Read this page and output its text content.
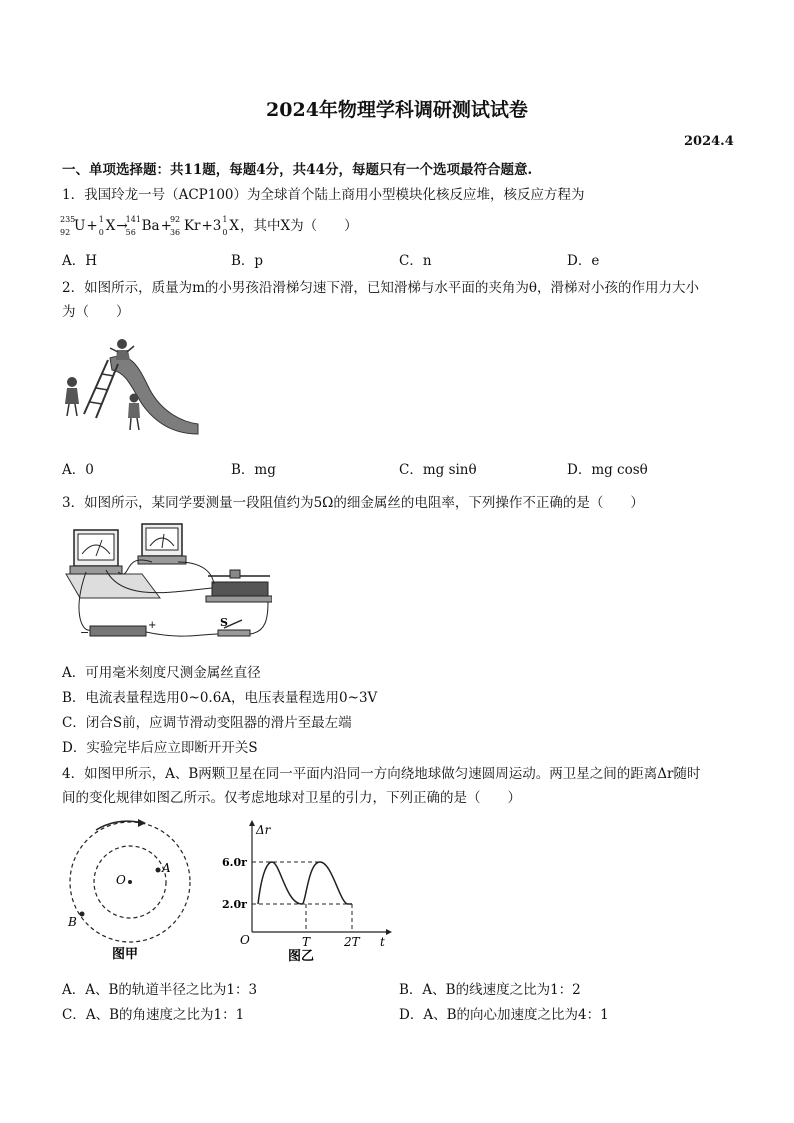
2024年物理学科调研测试试卷
2024.4
一、单项选择题：共11题，每题4分，共44分，每题只有一个选项最符合题意.
1．我国玲龙一号（ACP100）为全球首个陆上商用小型模块化核反应堆，核反应方程为
235
92 U+ 1
0 X→
141
56 Ba+
92
36 Kr+3 1
0 X，其中X为（　　）
A．H	B．p	C．n	D．e
2．如图所示，质量为m的小男孩沿滑梯匀速下滑，已知滑梯与水平面的夹角为θ，滑梯对小孩的作用力大小
为（　　）
A．0	B．mg	C．mg sinθ	D．mg cosθ
3．如图所示，某同学要测量一段阻值约为5Ω的细金属丝的电阻率，下列操作不正确的是（　　）
−
+	S
A．可用毫米刻度尺测金属丝直径
B．电流表量程选用0~0.6A，电压表量程选用0~3V
C．闭合S前，应调节滑动变阻器的滑片至最左端
D．实验完毕后应立即断开开关S
4．如图甲所示，A、B两颗卫星在同一平面内沿同一方向绕地球做匀速圆周运动。两卫星之间的距离Δr随时
间的变化规律如图乙所示。仅考虑地球对卫星的引力，下列正确的是（　　）
O
A
B
图甲
Δr
t
O
6.0r
2.0r
T	2T
图乙
A．A、B的轨道半径之比为1：3	B．A、B的线速度之比为1：2
C．A、B的角速度之比为1：1	D．A、B的向心加速度之比为4：1
